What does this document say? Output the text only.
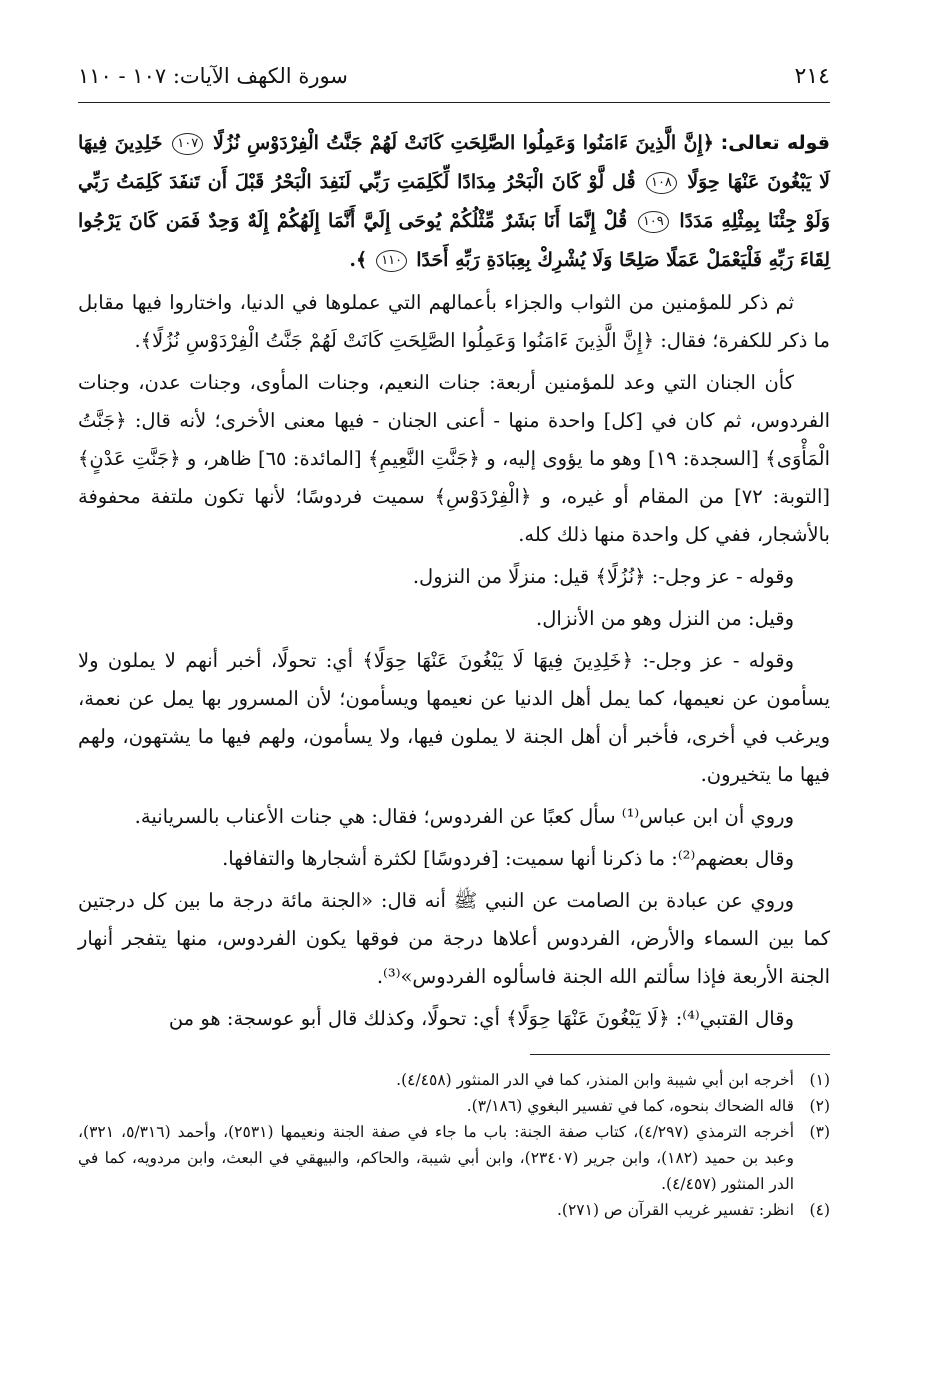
٢١٤
سورة الكهف الآيات: ١٠٧ - ١١٠

قوله تعالى: ﴿إِنَّ الَّذِينَ ءَامَنُوا وَعَمِلُوا الصَّلِحَتِ كَانَتْ لَهُمْ جَنَّتُ الْفِرْدَوْسِ نُزُلًا ١٠٧ خَلِدِينَ فِيهَا لَا يَبْغُونَ عَنْهَا حِوَلًا ١٠٨ قُل لَّوْ كَانَ الْبَحْرُ مِدَادًا لِّكَلِمَتِ رَبِّي لَنَفِدَ الْبَحْرُ قَبْلَ أَن تَنفَدَ كَلِمَتُ رَبِّي وَلَوْ جِئْنَا بِمِثْلِهِ مَدَدًا ١٠٩ قُلْ إِنَّمَا أَنَا بَشَرٌ مِّثْلُكُمْ يُوحَى إِلَيَّ أَنَّمَا إِلَهُكُمْ إِلَهٌ وَحِدٌ فَمَن كَانَ يَرْجُوا لِقَاءَ رَبِّهِ فَلْيَعْمَلْ عَمَلًا صَلِحًا وَلَا يُشْرِكْ بِعِبَادَةِ رَبِّهِ أَحَدًا ١١٠ ﴾.

ثم ذكر للمؤمنين من الثواب والجزاء بأعمالهم التي عملوها في الدنيا، واختاروا فيها مقابل ما ذكر للكفرة؛ فقال: ﴿إِنَّ الَّذِينَ ءَامَنُوا وَعَمِلُوا الصَّلِحَتِ كَانَتْ لَهُمْ جَنَّتُ الْفِرْدَوْسِ نُزُلًا﴾.

كأن الجنان التي وعد للمؤمنين أربعة: جنات النعيم، وجنات المأوى، وجنات عدن، وجنات الفردوس، ثم كان في [كل] واحدة منها - أعنى الجنان - فيها معنى الأخرى؛ لأنه قال: ﴿جَنَّتُ الْمَأْوَى﴾ [السجدة: ١٩] وهو ما يؤوى إليه، و ﴿جَنَّتِ النَّعِيمِ﴾ [المائدة: ٦٥] ظاهر، و ﴿جَنَّتِ عَدْنٍ﴾ [التوبة: ٧٢] من المقام أو غيره، و ﴿الْفِرْدَوْسِ﴾ سميت فردوسًا؛ لأنها تكون ملتفة محفوفة بالأشجار، ففي كل واحدة منها ذلك كله.

وقوله - عز وجل-: ﴿نُزُلًا﴾ قيل: منزلًا من النزول.

وقيل: من النزل وهو من الأنزال.

وقوله - عز وجل-: ﴿خَلِدِينَ فِيهَا لَا يَبْغُونَ عَنْهَا حِوَلًا﴾ أي: تحولًا، أخبر أنهم لا يملون ولا يسأمون عن نعيمها، كما يمل أهل الدنيا عن نعيمها ويسأمون؛ لأن المسرور بها يمل عن نعمة، ويرغب في أخرى، فأخبر أن أهل الجنة لا يملون فيها، ولا يسأمون، ولهم فيها ما يشتهون، ولهم فيها ما يتخيرون.

وروي أن ابن عباس⁽¹⁾ سأل كعبًا عن الفردوس؛ فقال: هي جنات الأعناب بالسريانية.

وقال بعضهم⁽²⁾: ما ذكرنا أنها سميت: [فردوسًا] لكثرة أشجارها والتفافها.

وروي عن عبادة بن الصامت عن النبي ﷺ أنه قال: «الجنة مائة درجة ما بين كل درجتين كما بين السماء والأرض، الفردوس أعلاها درجة من فوقها يكون الفردوس، منها يتفجر أنهار الجنة الأربعة فإذا سألتم الله الجنة فاسألوه الفردوس»⁽³⁾.

وقال القتبي⁽⁴⁾: ﴿لَا يَبْغُونَ عَنْهَا حِوَلًا﴾ أي: تحولًا، وكذلك قال أبو عوسجة: هو من

(١)
أخرجه ابن أبي شيبة وابن المنذر، كما في الدر المنثور (٤/٤٥٨).
(٢)
قاله الضحاك بنحوه، كما في تفسير البغوي (٣/١٨٦).
(٣)
أخرجه الترمذي (٤/٢٩٧)، كتاب صفة الجنة: باب ما جاء في صفة الجنة ونعيمها (٢٥٣١)، وأحمد (٥/٣١٦، ٣٢١)، وعبد بن حميد (١٨٢)، وابن جرير (٢٣٤٠٧)، وابن أبي شيبة، والحاكم، والبيهقي في البعث، وابن مردويه، كما في الدر المنثور (٤/٤٥٧).
(٤)
انظر: تفسير غريب القرآن ص (٢٧١).
